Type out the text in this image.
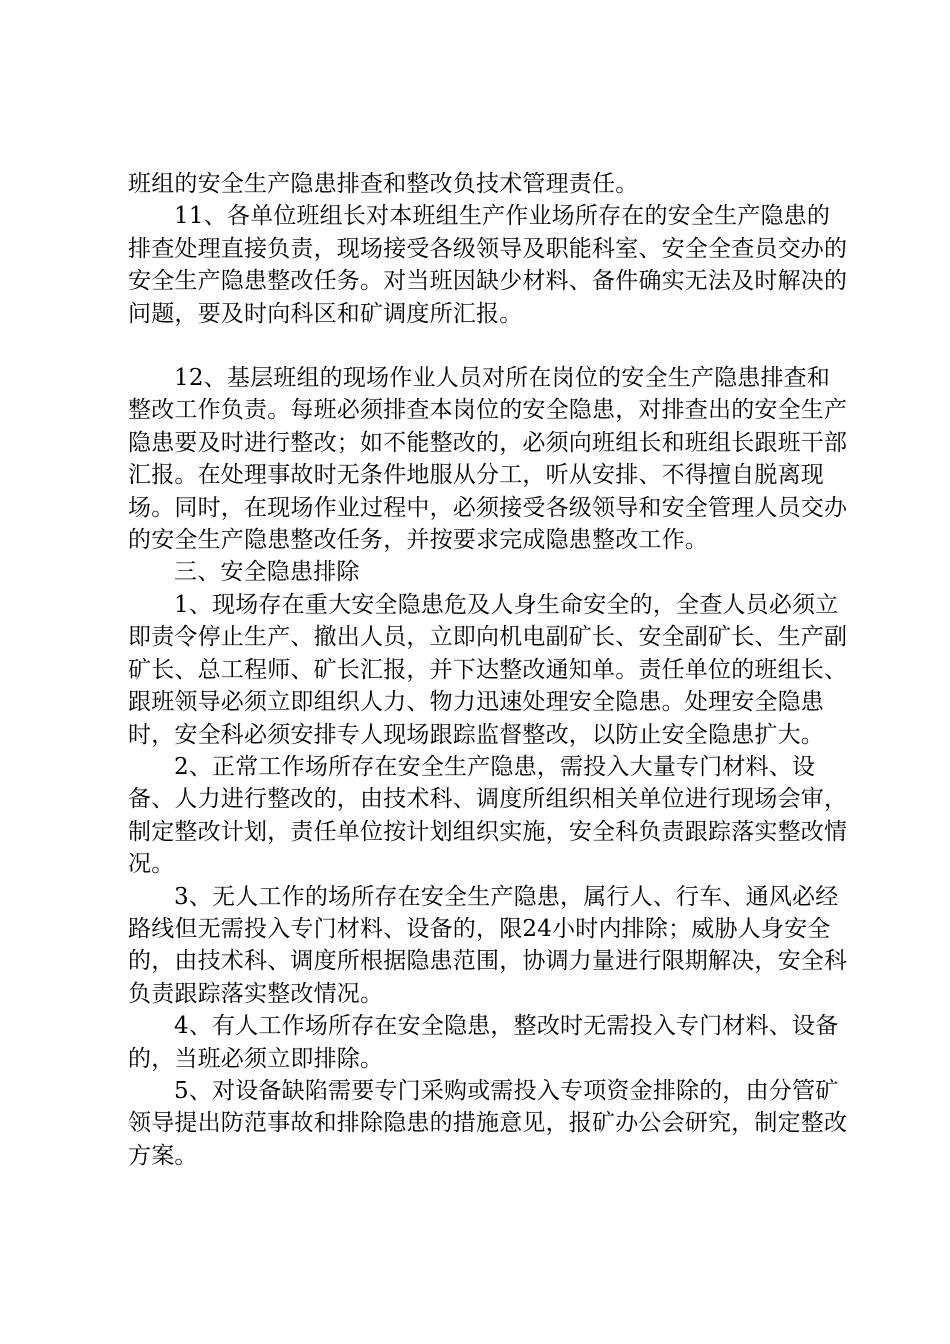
班组的安全生产隐患排查和整改负技术管理责任。

11、各单位班组长对本班组生产作业场所存在的安全生产隐患的排查处理直接负责，现场接受各级领导及职能科室、安全全查员交办的安全生产隐患整改任务。对当班因缺少材料、备件确实无法及时解决的问题，要及时向科区和矿调度所汇报。

12、基层班组的现场作业人员对所在岗位的安全生产隐患排查和整改工作负责。每班必须排查本岗位的安全隐患，对排查出的安全生产隐患要及时进行整改；如不能整改的，必须向班组长和班组长跟班干部汇报。在处理事故时无条件地服从分工，听从安排、不得擅自脱离现场。同时，在现场作业过程中，必须接受各级领导和安全管理人员交办的安全生产隐患整改任务，并按要求完成隐患整改工作。

三、安全隐患排除

1、现场存在重大安全隐患危及人身生命安全的，全查人员必须立即责令停止生产、撤出人员，立即向机电副矿长、安全副矿长、生产副矿长、总工程师、矿长汇报，并下达整改通知单。责任单位的班组长、跟班领导必须立即组织人力、物力迅速处理安全隐患。处理安全隐患时，安全科必须安排专人现场跟踪监督整改，以防止安全隐患扩大。

2、正常工作场所存在安全生产隐患，需投入大量专门材料、设备、人力进行整改的，由技术科、调度所组织相关单位进行现场会审，制定整改计划，责任单位按计划组织实施，安全科负责跟踪落实整改情况。

3、无人工作的场所存在安全生产隐患，属行人、行车、通风必经路线但无需投入专门材料、设备的，限24小时内排除；威胁人身安全的，由技术科、调度所根据隐患范围，协调力量进行限期解决，安全科负责跟踪落实整改情况。

4、有人工作场所存在安全隐患，整改时无需投入专门材料、设备的，当班必须立即排除。

5、对设备缺陷需要专门采购或需投入专项资金排除的，由分管矿领导提出防范事故和排除隐患的措施意见，报矿办公会研究，制定整改方案。
